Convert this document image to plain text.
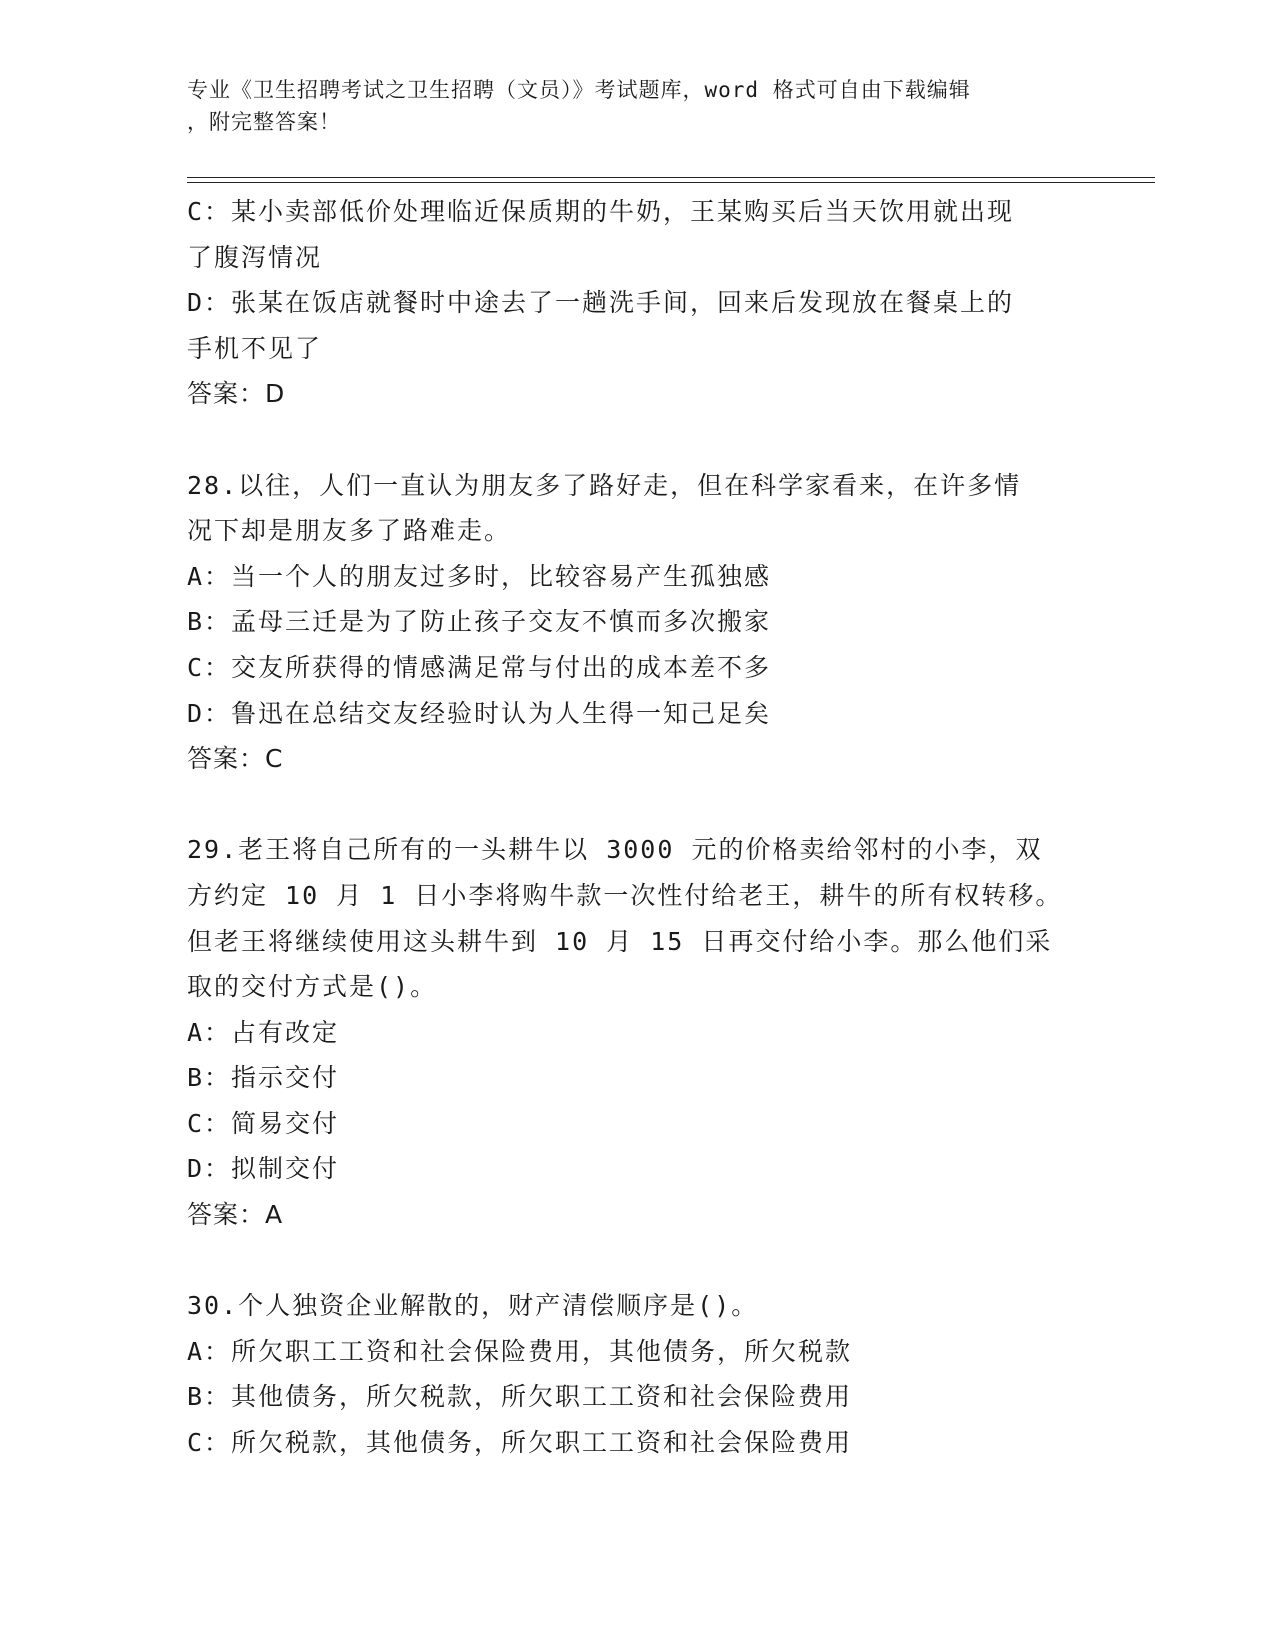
专业《卫生招聘考试之卫生招聘（文员）》考试题库，word 格式可自由下载编辑
，附完整答案！
C：某小卖部低价处理临近保质期的牛奶，王某购买后当天饮用就出现
了腹泻情况
D：张某在饭店就餐时中途去了一趟洗手间，回来后发现放在餐桌上的
手机不见了
答案：D
28.以往，人们一直认为朋友多了路好走，但在科学家看来，在许多情
况下却是朋友多了路难走。
A：当一个人的朋友过多时，比较容易产生孤独感
B：孟母三迁是为了防止孩子交友不慎而多次搬家
C：交友所获得的情感满足常与付出的成本差不多
D：鲁迅在总结交友经验时认为人生得一知己足矣
答案：C
29.老王将自己所有的一头耕牛以 3000 元的价格卖给邻村的小李，双
方约定 10 月 1 日小李将购牛款一次性付给老王，耕牛的所有权转移。
但老王将继续使用这头耕牛到 10 月 15 日再交付给小李。那么他们采
取的交付方式是()。
A：占有改定
B：指示交付
C：简易交付
D：拟制交付
答案：A
30.个人独资企业解散的，财产清偿顺序是()。
A：所欠职工工资和社会保险费用，其他债务，所欠税款
B：其他债务，所欠税款，所欠职工工资和社会保险费用
C：所欠税款，其他债务，所欠职工工资和社会保险费用
